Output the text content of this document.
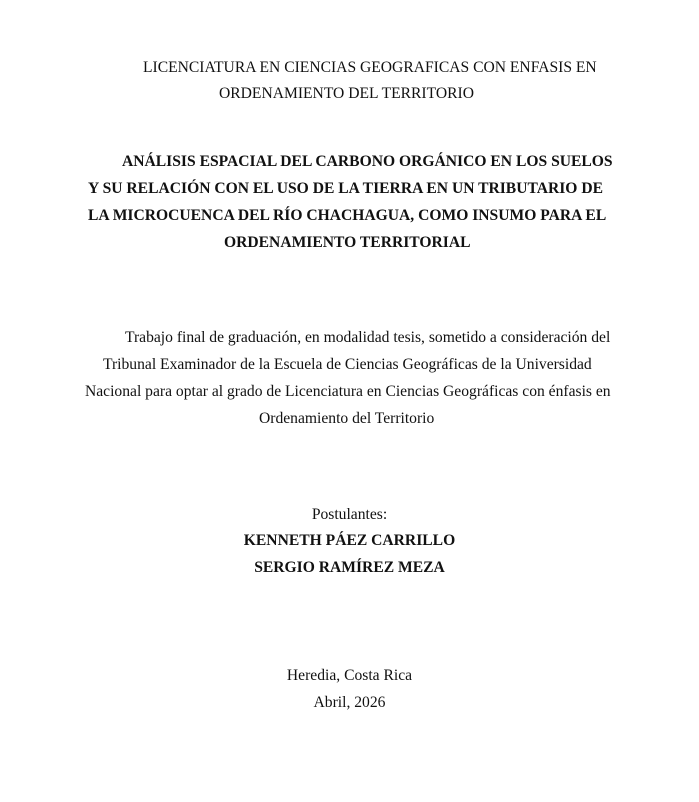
LICENCIATURA EN CIENCIAS GEOGRAFICAS CON ENFASIS EN
ORDENAMIENTO DEL TERRITORIO
ANÁLISIS ESPACIAL DEL CARBONO ORGÁNICO EN LOS SUELOS
Y SU RELACIÓN CON EL USO DE LA TIERRA EN UN TRIBUTARIO DE
LA MICROCUENCA DEL RÍO CHACHAGUA, COMO INSUMO PARA EL
ORDENAMIENTO TERRITORIAL
Trabajo final de graduación, en modalidad tesis, sometido a consideración del
Tribunal Examinador de la Escuela de Ciencias Geográficas de la Universidad
Nacional para optar al grado de Licenciatura en Ciencias Geográficas con énfasis en
Ordenamiento del Territorio
Postulantes:
KENNETH PÁEZ CARRILLO
SERGIO RAMÍREZ MEZA
Heredia, Costa Rica
Abril, 2026
